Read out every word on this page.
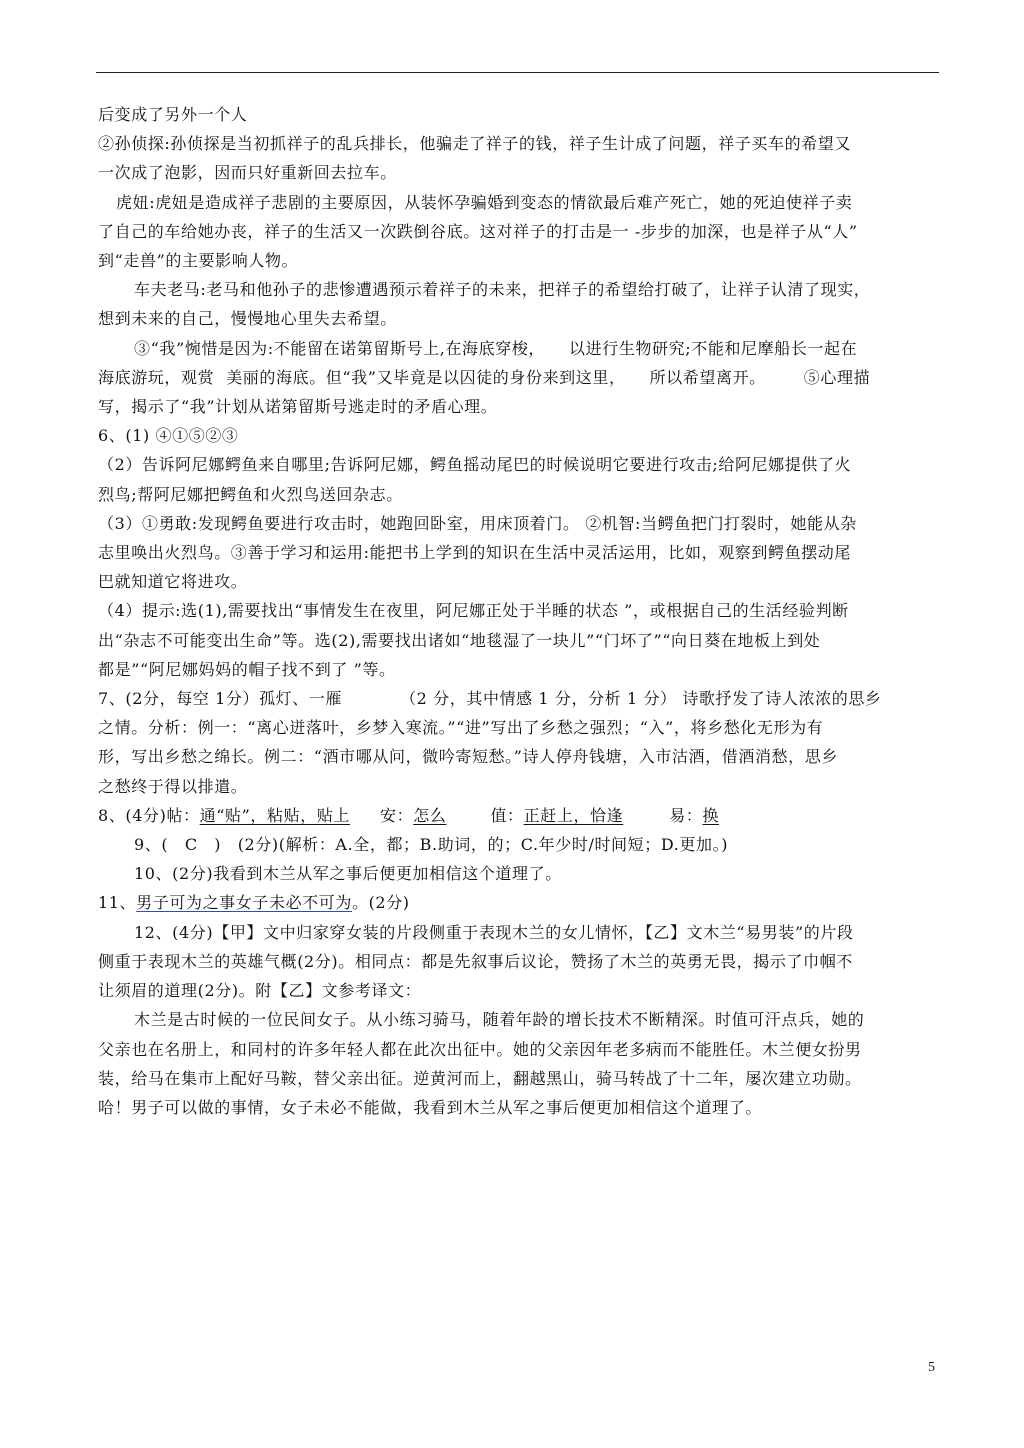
后变成了另外一个人
②孙侦探:孙侦探是当初抓祥子的乱兵排长，他骗走了祥子的钱，祥子生计成了问题，祥子买车的希望又
一次成了泡影，因而只好重新回去拉车。
虎妞:虎妞是造成祥子悲剧的主要原因，从装怀孕骗婚到变态的情欲最后难产死亡，她的死迫使祥子卖
了自己的车给她办丧，祥子的生活又一次跌倒谷底。这对祥子的打击是一 -步步的加深，也是祥子从“人”
到“走兽”的主要影响人物。
车夫老马:老马和他孙子的悲惨遭遇预示着祥子的未来，把祥子的希望给打破了，让祥子认清了现实，
想到未来的自己，慢慢地心里失去希望。
③“我”惋惜是因为:不能留在诺第留斯号上,在海底穿梭， 以进行生物研究;不能和尼摩船长一起在
海底游玩，观赏 美丽的海底。但“我”又毕竟是以囚徒的身份来到这里， 所以希望离开。 ⑤心理描
写，揭示了“我”计划从诺第留斯号逃走时的矛盾心理。
6、(1) ④①⑤②③
（2）告诉阿尼娜鳄鱼来自哪里;告诉阿尼娜，鳄鱼摇动尾巴的时候说明它要进行攻击;给阿尼娜提供了火
烈鸟;帮阿尼娜把鳄鱼和火烈鸟送回杂志。
（3）①勇敢:发现鳄鱼要进行攻击时，她跑回卧室，用床顶着门。 ②机智:当鳄鱼把门打裂时，她能从杂
志里唤出火烈鸟。③善于学习和运用:能把书上学到的知识在生活中灵活运用，比如，观察到鳄鱼摆动尾
巴就知道它将进攻。
（4）提示:选(1),需要找出“事情发生在夜里，阿尼娜正处于半睡的状态 ”，或根据自己的生活经验判断
出“杂志不可能变出生命”等。选(2),需要找出诸如“地毯湿了一块儿”“门坏了”“向日葵在地板上到处
都是”“阿尼娜妈妈的帽子找不到了 ”等。
7、(2分，每空 1分）孤灯、一雁	（2 分，其中情感 1 分，分析 1 分） 诗歌抒发了诗人浓浓的思乡
之情。分析：例一：“离心迸落叶，乡梦入寒流。”“进”写出了乡愁之强烈；“入”，将乡愁化无形为有
形，写出乡愁之绵长。例二：“酒市哪从问，微吟寄短愁。”诗人停舟钱塘，入市沽酒，借酒消愁，思乡
之愁终于得以排遣。
8、(4分)帖：通“贴”，粘贴，贴上 安：怎么	值：正赶上，恰逢	易：换
9、(　C　)　(2分)(解析：A.全，都；B.助词，的；C.年少时/时间短；D.更加。)
10、(2分)我看到木兰从军之事后便更加相信这个道理了。
11、男子可为之事女子未必不可为。(2分)
12、(4分)【甲】文中归家穿女装的片段侧重于表现木兰的女儿情怀，【乙】文木兰“易男装”的片段
侧重于表现木兰的英雄气概(2分)。相同点：都是先叙事后议论，赞扬了木兰的英勇无畏，揭示了巾帼不
让须眉的道理(2分)。附【乙】文参考译文：
木兰是古时候的一位民间女子。从小练习骑马，随着年龄的增长技术不断精深。时值可汗点兵，她的
父亲也在名册上，和同村的许多年轻人都在此次出征中。她的父亲因年老多病而不能胜任。木兰便女扮男
装，给马在集市上配好马鞍，替父亲出征。逆黄河而上，翻越黑山，骑马转战了十二年，屡次建立功勋。
哈！男子可以做的事情，女子未必不能做，我看到木兰从军之事后便更加相信这个道理了。
5
